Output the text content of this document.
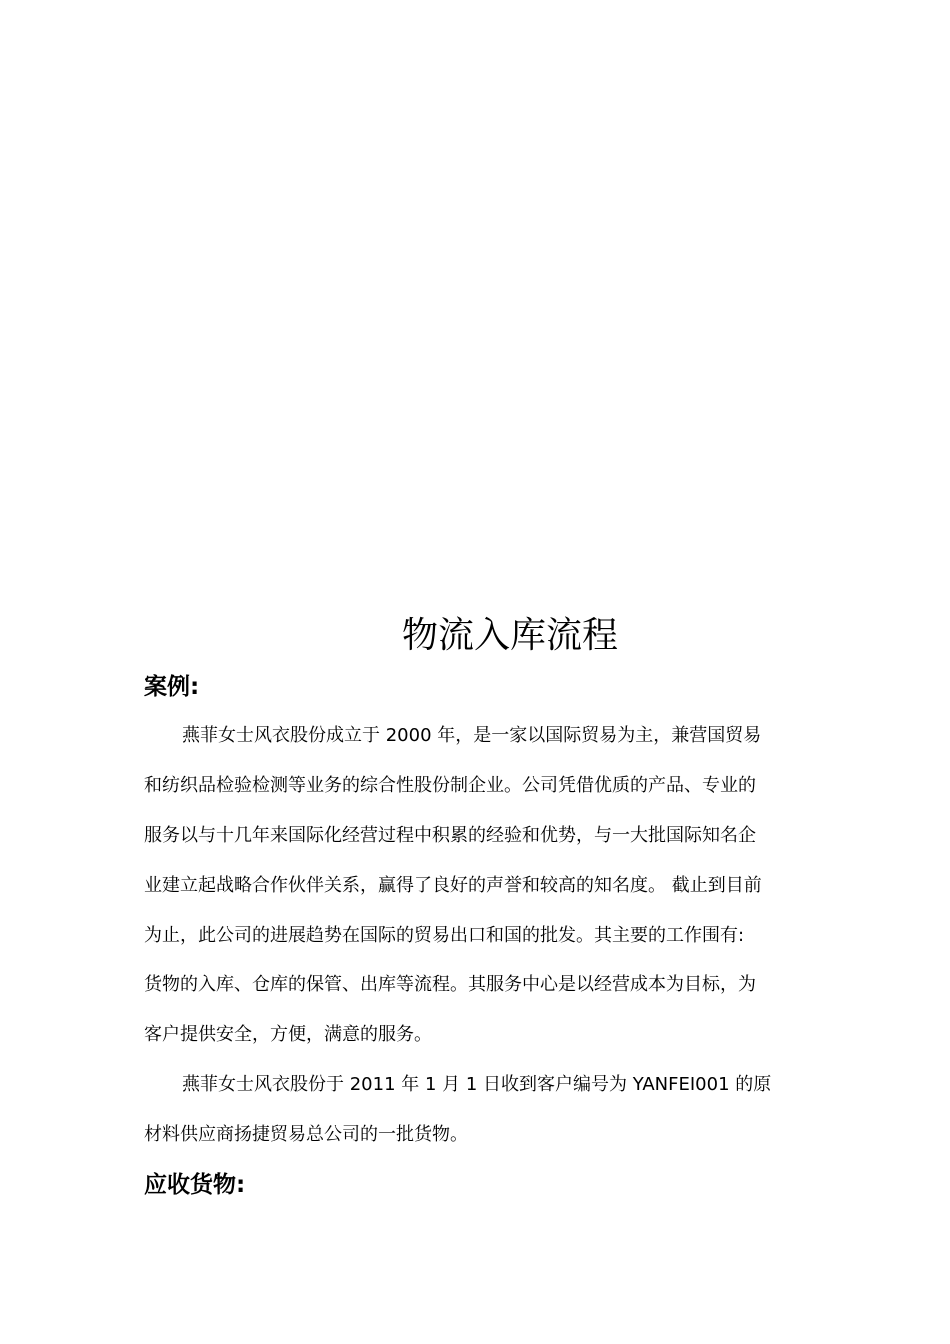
物流入库流程
案例:

燕菲女士风衣股份成立于 2000 年，是一家以国际贸易为主，兼营国贸易

和纺织品检验检测等业务的综合性股份制企业。公司凭借优质的产品、专业的

服务以与十几年来国际化经营过程中积累的经验和优势，与一大批国际知名企

业建立起战略合作伙伴关系，赢得了良好的声誉和较高的知名度。 截止到目前

为止，此公司的进展趋势在国际的贸易出口和国的批发。其主要的工作围有:

货物的入库、仓库的保管、出库等流程。其服务中心是以经营成本为目标，为

客户提供安全，方便，满意的服务。

燕菲女士风衣股份于 2011 年 1 月 1 日收到客户编号为 YANFEI001 的原

材料供应商扬捷贸易总公司的一批货物。

应收货物:
